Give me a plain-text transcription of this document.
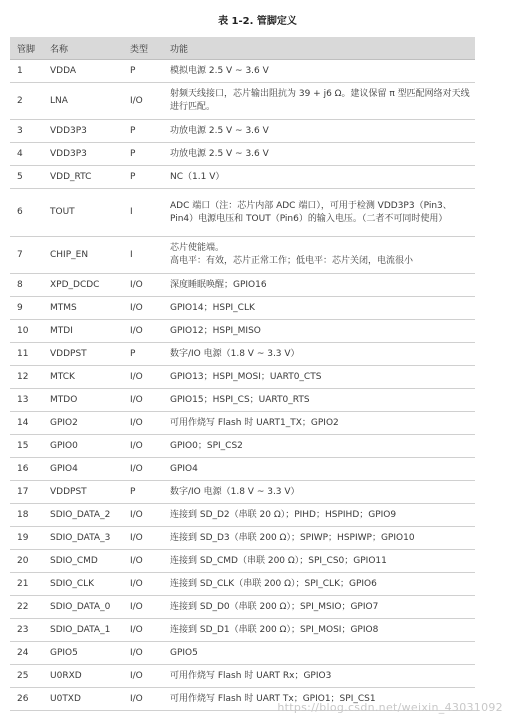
表 1-2. 管脚定义
管脚	名称	类型	功能
1	VDDA	P	模拟电源 2.5 V ~ 3.6 V
2	LNA	I/O	射频天线接口，芯片输出阻抗为 39 + j6 Ω。建议保留 π 型匹配网络对天线进行匹配。
3	VDD3P3	P	功放电源 2.5 V ~ 3.6 V
4	VDD3P3	P	功放电源 2.5 V ~ 3.6 V
5	VDD_RTC	P	NC（1.1 V）
6	TOUT	I	ADC 端口（注：芯片内部 ADC 端口），可用于检测 VDD3P3（Pin3、Pin4）电源电压和 TOUT（Pin6）的输入电压。（二者不可同时使用）
7	CHIP_EN	I	芯片使能端。
高电平：有效，芯片正常工作；低电平：芯片关闭，电流很小
8	XPD_DCDC	I/O	深度睡眠唤醒；GPIO16
9	MTMS	I/O	GPIO14；HSPI_CLK
10	MTDI	I/O	GPIO12；HSPI_MISO
11	VDDPST	P	数字/IO 电源（1.8 V ~ 3.3 V）
12	MTCK	I/O	GPIO13；HSPI_MOSI；UART0_CTS
13	MTDO	I/O	GPIO15；HSPI_CS；UART0_RTS
14	GPIO2	I/O	可用作烧写 Flash 时 UART1_TX；GPIO2
15	GPIO0	I/O	GPIO0；SPI_CS2
16	GPIO4	I/O	GPIO4
17	VDDPST	P	数字/IO 电源（1.8 V ~ 3.3 V）
18	SDIO_DATA_2	I/O	连接到 SD_D2（串联 20 Ω）；PIHD；HSPIHD；GPIO9
19	SDIO_DATA_3	I/O	连接到 SD_D3（串联 200 Ω）；SPIWP；HSPIWP；GPIO10
20	SDIO_CMD	I/O	连接到 SD_CMD（串联 200 Ω）；SPI_CS0；GPIO11
21	SDIO_CLK	I/O	连接到 SD_CLK（串联 200 Ω）；SPI_CLK；GPIO6
22	SDIO_DATA_0	I/O	连接到 SD_D0（串联 200 Ω）；SPI_MSIO；GPIO7
23	SDIO_DATA_1	I/O	连接到 SD_D1（串联 200 Ω）；SPI_MOSI；GPIO8
24	GPIO5	I/O	GPIO5
25	U0RXD	I/O	可用作烧写 Flash 时 UART Rx；GPIO3
26	U0TXD	I/O	可用作烧写 Flash 时 UART Tx；GPIO1；SPI_CS1
https://blog.csdn.net/weixin_43031092
